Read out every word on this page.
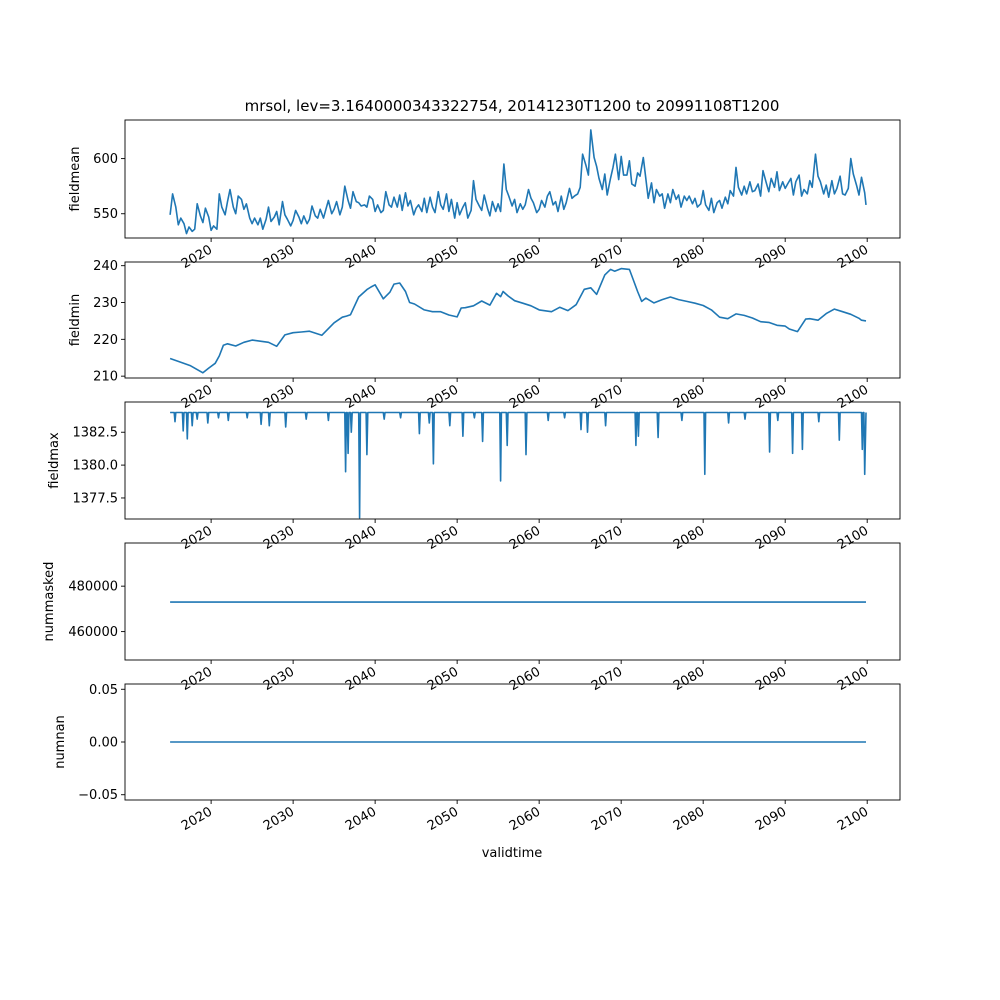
mrsol, lev=3.1640000343322754, 20141230T1200 to 20991108T1200
550
600
2020	2030	2040	2050	2060	2070	2080	2090	2100
fieldmean
210
220
230
240
2020	2030	2040	2050	2060	2070	2080	2090	2100
fieldmin
1377.5
1380.0
1382.5
2020	2030	2040	2050	2060	2070	2080	2090	2100
fieldmax
460000
480000
2020	2030	2040	2050	2060	2070	2080	2090	2100
nummasked
−0.05
0.00
0.05
2020	2030	2040	2050	2060	2070	2080	2090	2100
numnan
validtime
